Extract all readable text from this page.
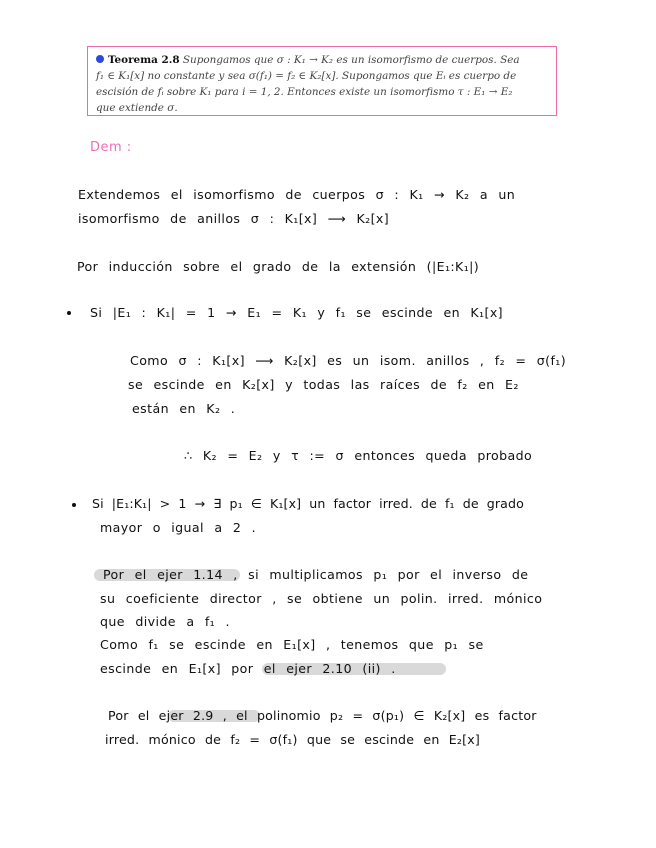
Teorema 2.8 Supongamos que σ : K₁ → K₂ es un isomorfismo de cuerpos. Sea
f₁ ∈ K₁[x] no constante y sea σ(f₁) = f₂ ∈ K₂[x]. Supongamos que Eᵢ es cuerpo de
escisión de fᵢ sobre K₁ para i = 1, 2. Entonces existe un isomorfismo τ : E₁ → E₂
que extiende σ.
Dem :
Extendemos el isomorfismo de cuerpos σ : K₁ → K₂ a un
isomorfismo de anillos σ : K₁[x] ⟶ K₂[x]
Por inducción sobre el grado de la extensión (|E₁:K₁|)
Si |E₁ : K₁| = 1 → E₁ = K₁ y f₁ se escinde en K₁[x]
Como σ : K₁[x] ⟶ K₂[x] es un isom. anillos , f₂ = σ(f₁)
se escinde en K₂[x] y todas las raíces de f₂ en E₂
están en K₂ .
∴ K₂ = E₂ y τ := σ entonces queda probado
Si |E₁:K₁| > 1 → ∃ p₁ ∈ K₁[x] un factor irred. de f₁ de grado
mayor o igual a 2 .
Por el ejer 1.14 , si multiplicamos p₁ por el inverso de
su coeficiente director , se obtiene un polin. irred. mónico
que divide a f₁ .
Como f₁ se escinde en E₁[x] , tenemos que p₁ se
escinde en E₁[x] por el ejer 2.10 (ii) .
Por el ejer 2.9 , el polinomio p₂ = σ(p₁) ∈ K₂[x] es factor
irred. mónico de f₂ = σ(f₁) que se escinde en E₂[x]
